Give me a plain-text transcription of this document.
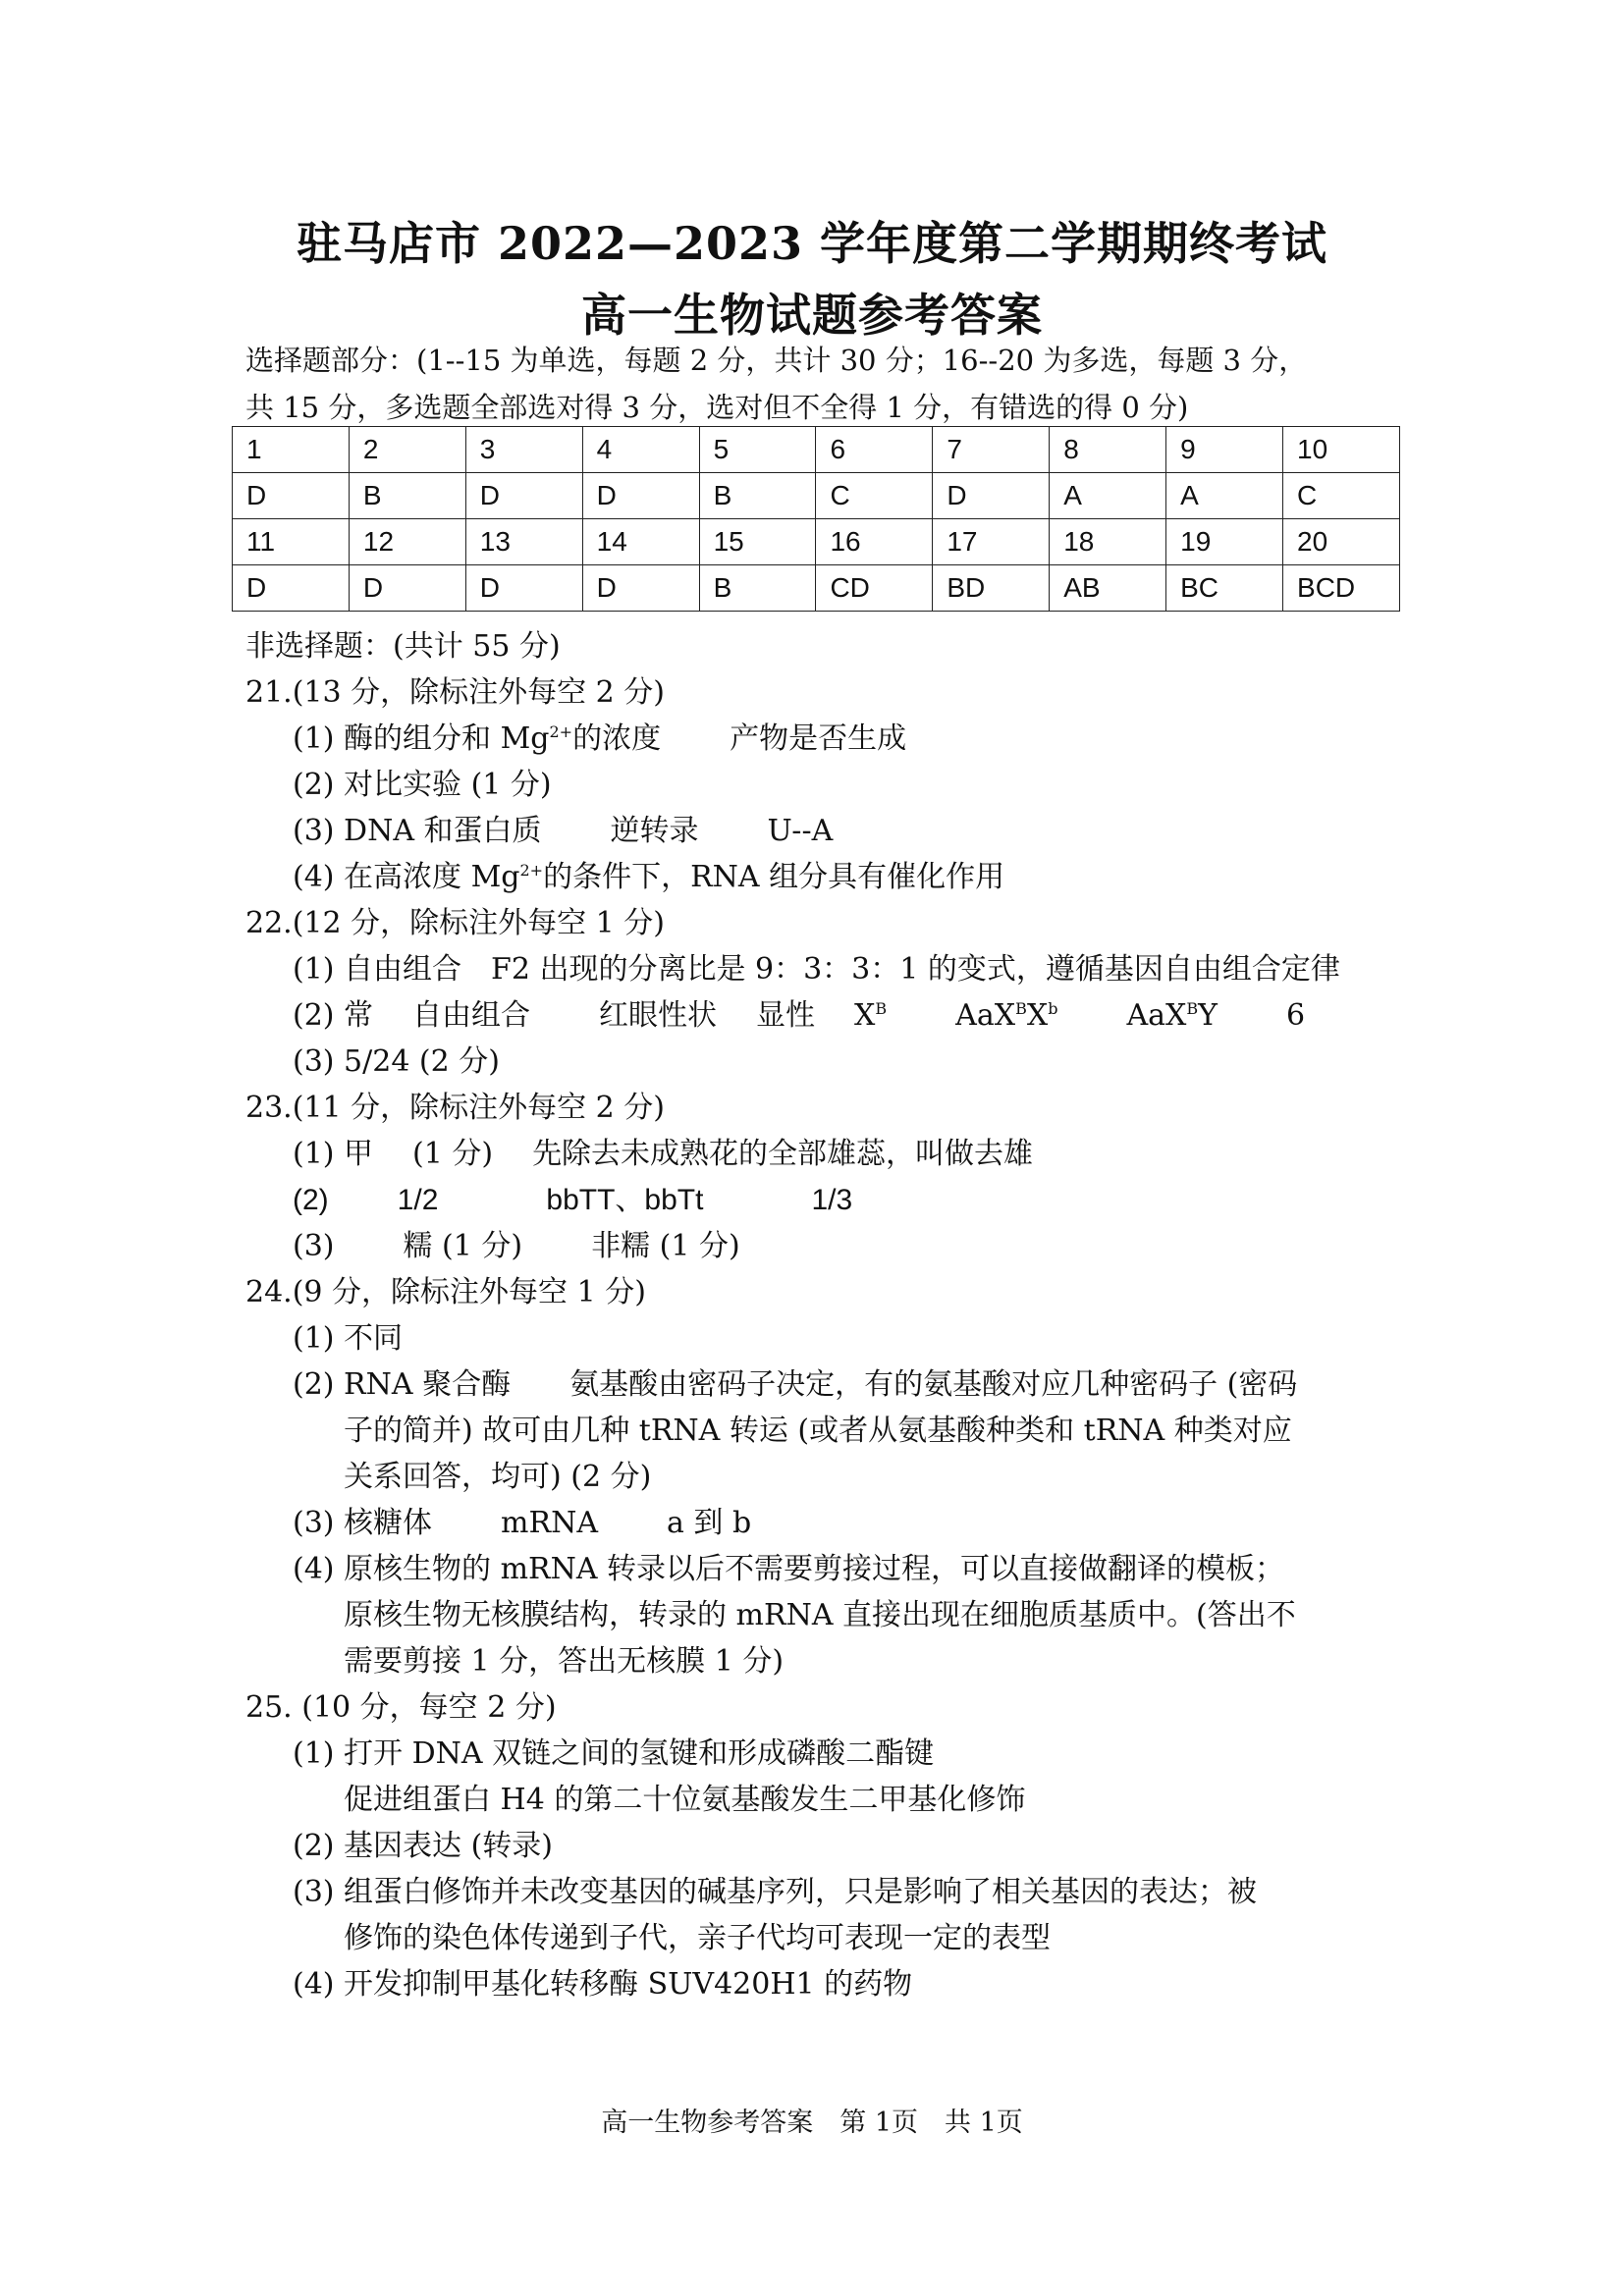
驻马店市 2022—2023 学年度第二学期期终考试
高一生物试题参考答案
选择题部分：(1--15 为单选，每题 2 分，共计 30 分；16--20 为多选，每题 3 分，
共 15 分，多选题全部选对得 3 分，选对但不全得 1 分，有错选的得 0 分)
1	2	3	4	5	6	7	8	9	10
D	B	D	D	B	C	D	A	A	C
11	12	13	14	15	16	17	18	19	20
D	D	D	D	B	CD	BD	AB	BC	BCD
非选择题：(共计 55 分)
21.(13 分，除标注外每空 2 分)
(1) 酶的组分和 $Mg^{2+}$的浓度 产物是否生成
(2) 对比实验 (1 分)
(3) DNA 和蛋白质 逆转录 U--A
(4) 在高浓度 $Mg^{2+}$的条件下，RNA 组分具有催化作用
22.(12 分，除标注外每空 1 分)
(1) 自由组合　F2 出现的分离比是 9：3：3：1 的变式，遵循基因自由组合定律
(2) 常 自由组合 红眼性状 显性 $X^B$ $AaX^BX^b$ AaX$^B$Y 6
(3) 5/24 (2 分)
23.(11 分，除标注外每空 2 分)
(1) 甲 (1 分) 先除去未成熟花的全部雄蕊，叫做去雄
(2) 1/2	bbTT、bbTt	1/3
(3) 糯 (1 分) 非糯 (1 分)
24.(9 分，除标注外每空 1 分)
(1) 不同
(2) RNA 聚合酶　　氨基酸由密码子决定，有的氨基酸对应几种密码子 (密码
子的简并) 故可由几种 tRNA 转运 (或者从氨基酸种类和 tRNA 种类对应
关系回答，均可) (2 分)
(3) 核糖体 mRNA a 到 b
(4) 原核生物的 mRNA 转录以后不需要剪接过程，可以直接做翻译的模板；
原核生物无核膜结构，转录的 mRNA 直接出现在细胞质基质中。(答出不
需要剪接 1 分，答出无核膜 1 分)
25. (10 分，每空 2 分)
(1) 打开 DNA 双链之间的氢键和形成磷酸二酯键
促进组蛋白 H4 的第二十位氨基酸发生二甲基化修饰
(2) 基因表达 (转录)
(3) 组蛋白修饰并未改变基因的碱基序列，只是影响了相关基因的表达；被
修饰的染色体传递到子代，亲子代均可表现一定的表型
(4) 开发抑制甲基化转移酶 SUV420H1 的药物
高一生物参考答案　第 1页　共 1页
